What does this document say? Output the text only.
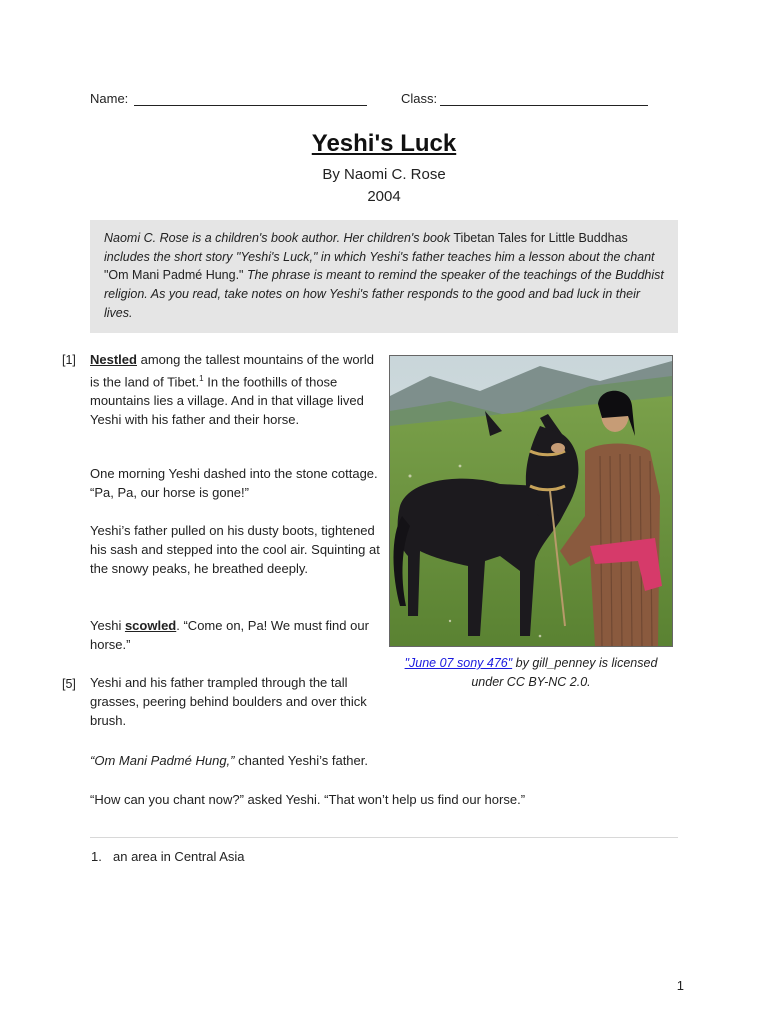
Name:	Class:
Yeshi's Luck
By Naomi C. Rose
2004
Naomi C. Rose is a children's book author. Her children's book Tibetan Tales for Little Buddhas includes the short story "Yeshi's Luck," in which Yeshi's father teaches him a lesson about the chant "Om Mani Padmé Hung." The phrase is meant to remind the speaker of the teachings of the Buddhist religion. As you read, take notes on how Yeshi's father responds to the good and bad luck in their lives.
[1] Nestled among the tallest mountains of the world is the land of Tibet.$^1$ In the foothills of those mountains lies a village. And in that village lived Yeshi with his father and their horse.
One morning Yeshi dashed into the stone cottage. “Pa, Pa, our horse is gone!”
Yeshi’s father pulled on his dusty boots, tightened his sash and stepped into the cool air. Squinting at the snowy peaks, he breathed deeply.
Yeshi scowled. “Come on, Pa! We must find our horse.”
[5] Yeshi and his father trampled through the tall grasses, peering behind boulders and over thick brush.
“Om Mani Padmé Hung,” chanted Yeshi’s father.
“How can you chant now?” asked Yeshi. “That won’t help us find our horse.”
"June 07 sony 476" by gill_penney is licensed under CC BY-NC 2.0.
1. an area in Central Asia
1
